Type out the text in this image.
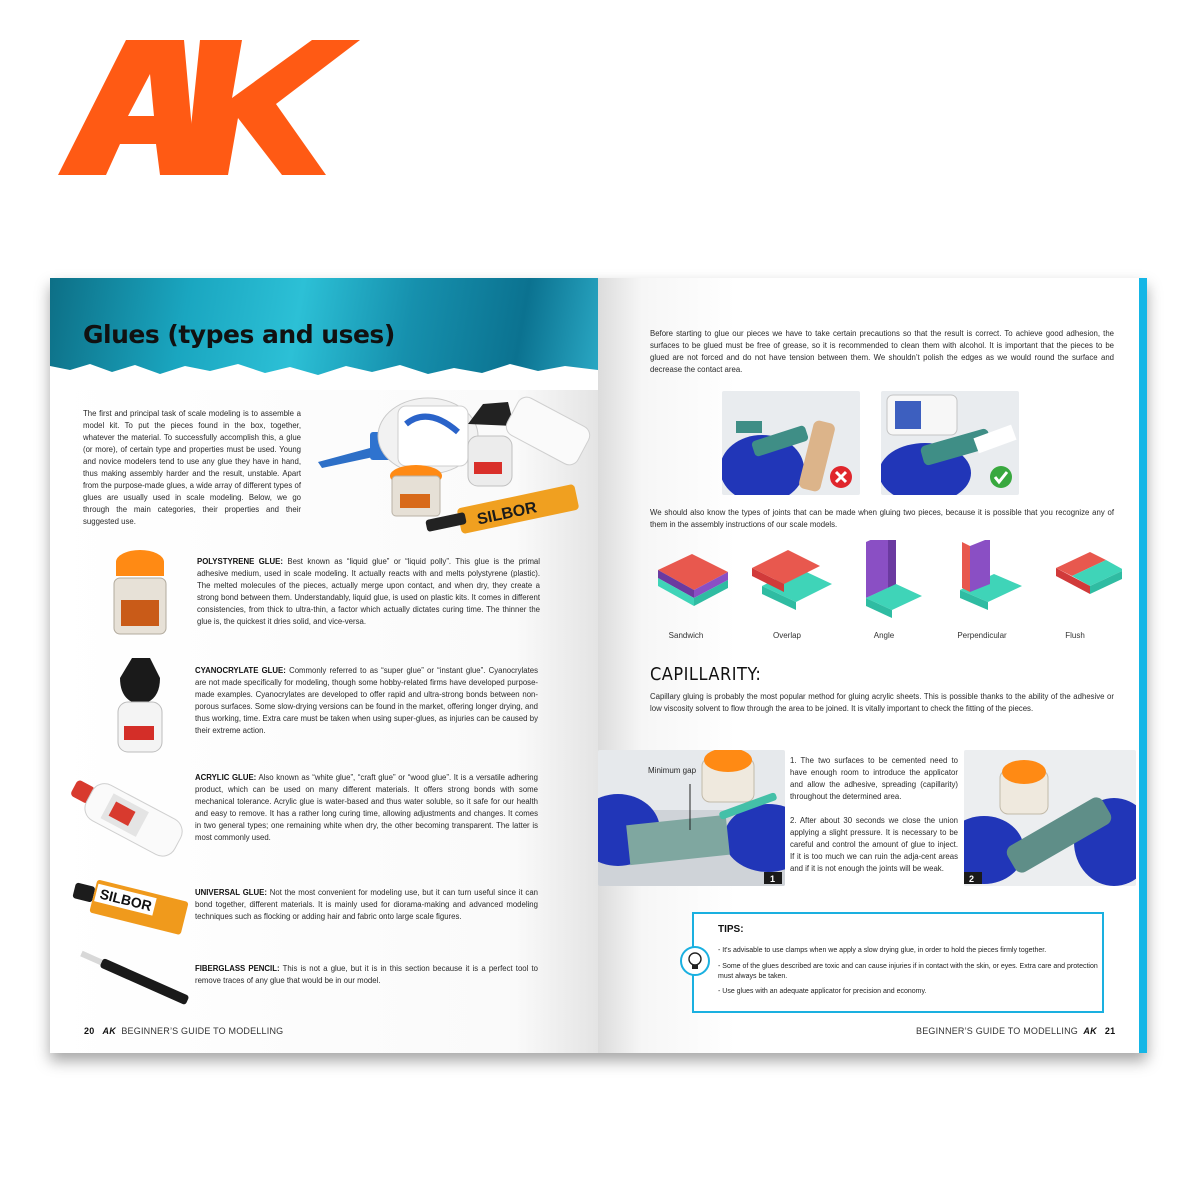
Glues (types and uses)
The first and principal task of scale modeling is to assemble a model kit. To put the pieces found in the box, together, whatever the material. To successfully accomplish this, a glue (or more), of certain type and properties must be used. Young and novice modelers tend to use any glue they have in hand, thus making assembly harder and the result, unstable. Apart from the purpose-made glues, a wide array of different types of glues are usually used in scale modeling. Below, we go through the main categories, their properties and their suggested use.	SILBOR
POLYSTYRENE GLUE: Best known as “liquid glue” or “liquid polly”. This glue is the primal adhesive medium, used in scale modeling. It actually reacts with and melts polystyrene (plastic). The melted molecules of the pieces, actually merge upon contact, and when dry, they create a strong bond between them. Understandably, liquid glue, is used on plastic kits. It comes in different consistencies, from thick to ultra-thin, a factor which actually dictates curing time. The thinner the glue is, the quickest it dries solid, and vice-versa.
CYANOCRYLATE GLUE: Commonly referred to as “super glue” or “instant glue”. Cyanocrylates are not made specifically for modeling, though some hobby-related firms have developed purpose-made examples. Cyanocrylates are developed to offer rapid and ultra-strong bonds between non-porous surfaces. Some slow-drying versions can be found in the market, offering longer drying, and thus working, time. Extra care must be taken when using super-glues, as injuries can be caused by their extreme action.
ACRYLIC GLUE: Also known as “white glue”, “craft glue” or “wood glue”. It is a versatile adhering product, which can be used on many different materials. It offers strong bonds with some mechanical tolerance. Acrylic glue is water-based and thus water soluble, so it safe for our health and easy to remove. It has a rather long curing time, allowing adjustments and changes. It comes in two general types; one remaining white when dry, the other becoming transparent. The latter is most commonly used.
SILBOR	UNIVERSAL GLUE: Not the most convenient for modeling use, but it can turn useful since it can bond together, different materials. It is mainly used for diorama-making and advanced modeling techniques such as flocking or adding hair and fabric onto large scale figures.
FIBERGLASS PENCIL: This is not a glue, but it is in this section because it is a perfect tool to remove traces of any glue that would be in our model.
20 AK BEGINNER’S GUIDE TO MODELLING
Before starting to glue our pieces we have to take certain precautions so that the result is correct. To achieve good adhesion, the surfaces to be glued must be free of grease, so it is recommended to clean them with alcohol. It is important that the pieces to be glued are not forced and do not have tension between them. We shouldn’t polish the edges as we would round the surface and decrease the contact area.
We should also know the types of joints that can be made when gluing two pieces, because it is possible that you recognize any of them in the assembly instructions of our scale models.
Sandwich	Overlap	Angle	Perpendicular	Flush
CAPILLARITY:
Capillary gluing is probably the most popular method for gluing acrylic sheets. This is possible thanks to the ability of the adhesive or low viscosity solvent to flow through the area to be joined. It is vitally important to check the fitting of the pieces.
1
Minimum gap
1. The two surfaces to be cemented need to have enough room to introduce the applicator and allow the adhesive, spreading (capillarity) throughout the determined area.
2. After about 30 seconds we close the union applying a slight pressure. It is necessary to be careful and control the amount of glue to inject. If it is too much we can ruin the adja-cent areas and if it is not enough the joints will be weak.
2
TIPS:
- It's advisable to use clamps when we apply a slow drying glue, in order to hold the pieces firmly together.
- Some of the glues described are toxic and can cause injuries if in contact with the skin, or eyes. Extra care and protection must always be taken.
- Use glues with an adequate applicator for precision and economy.
BEGINNER’S GUIDE TO MODELLING AK 21
